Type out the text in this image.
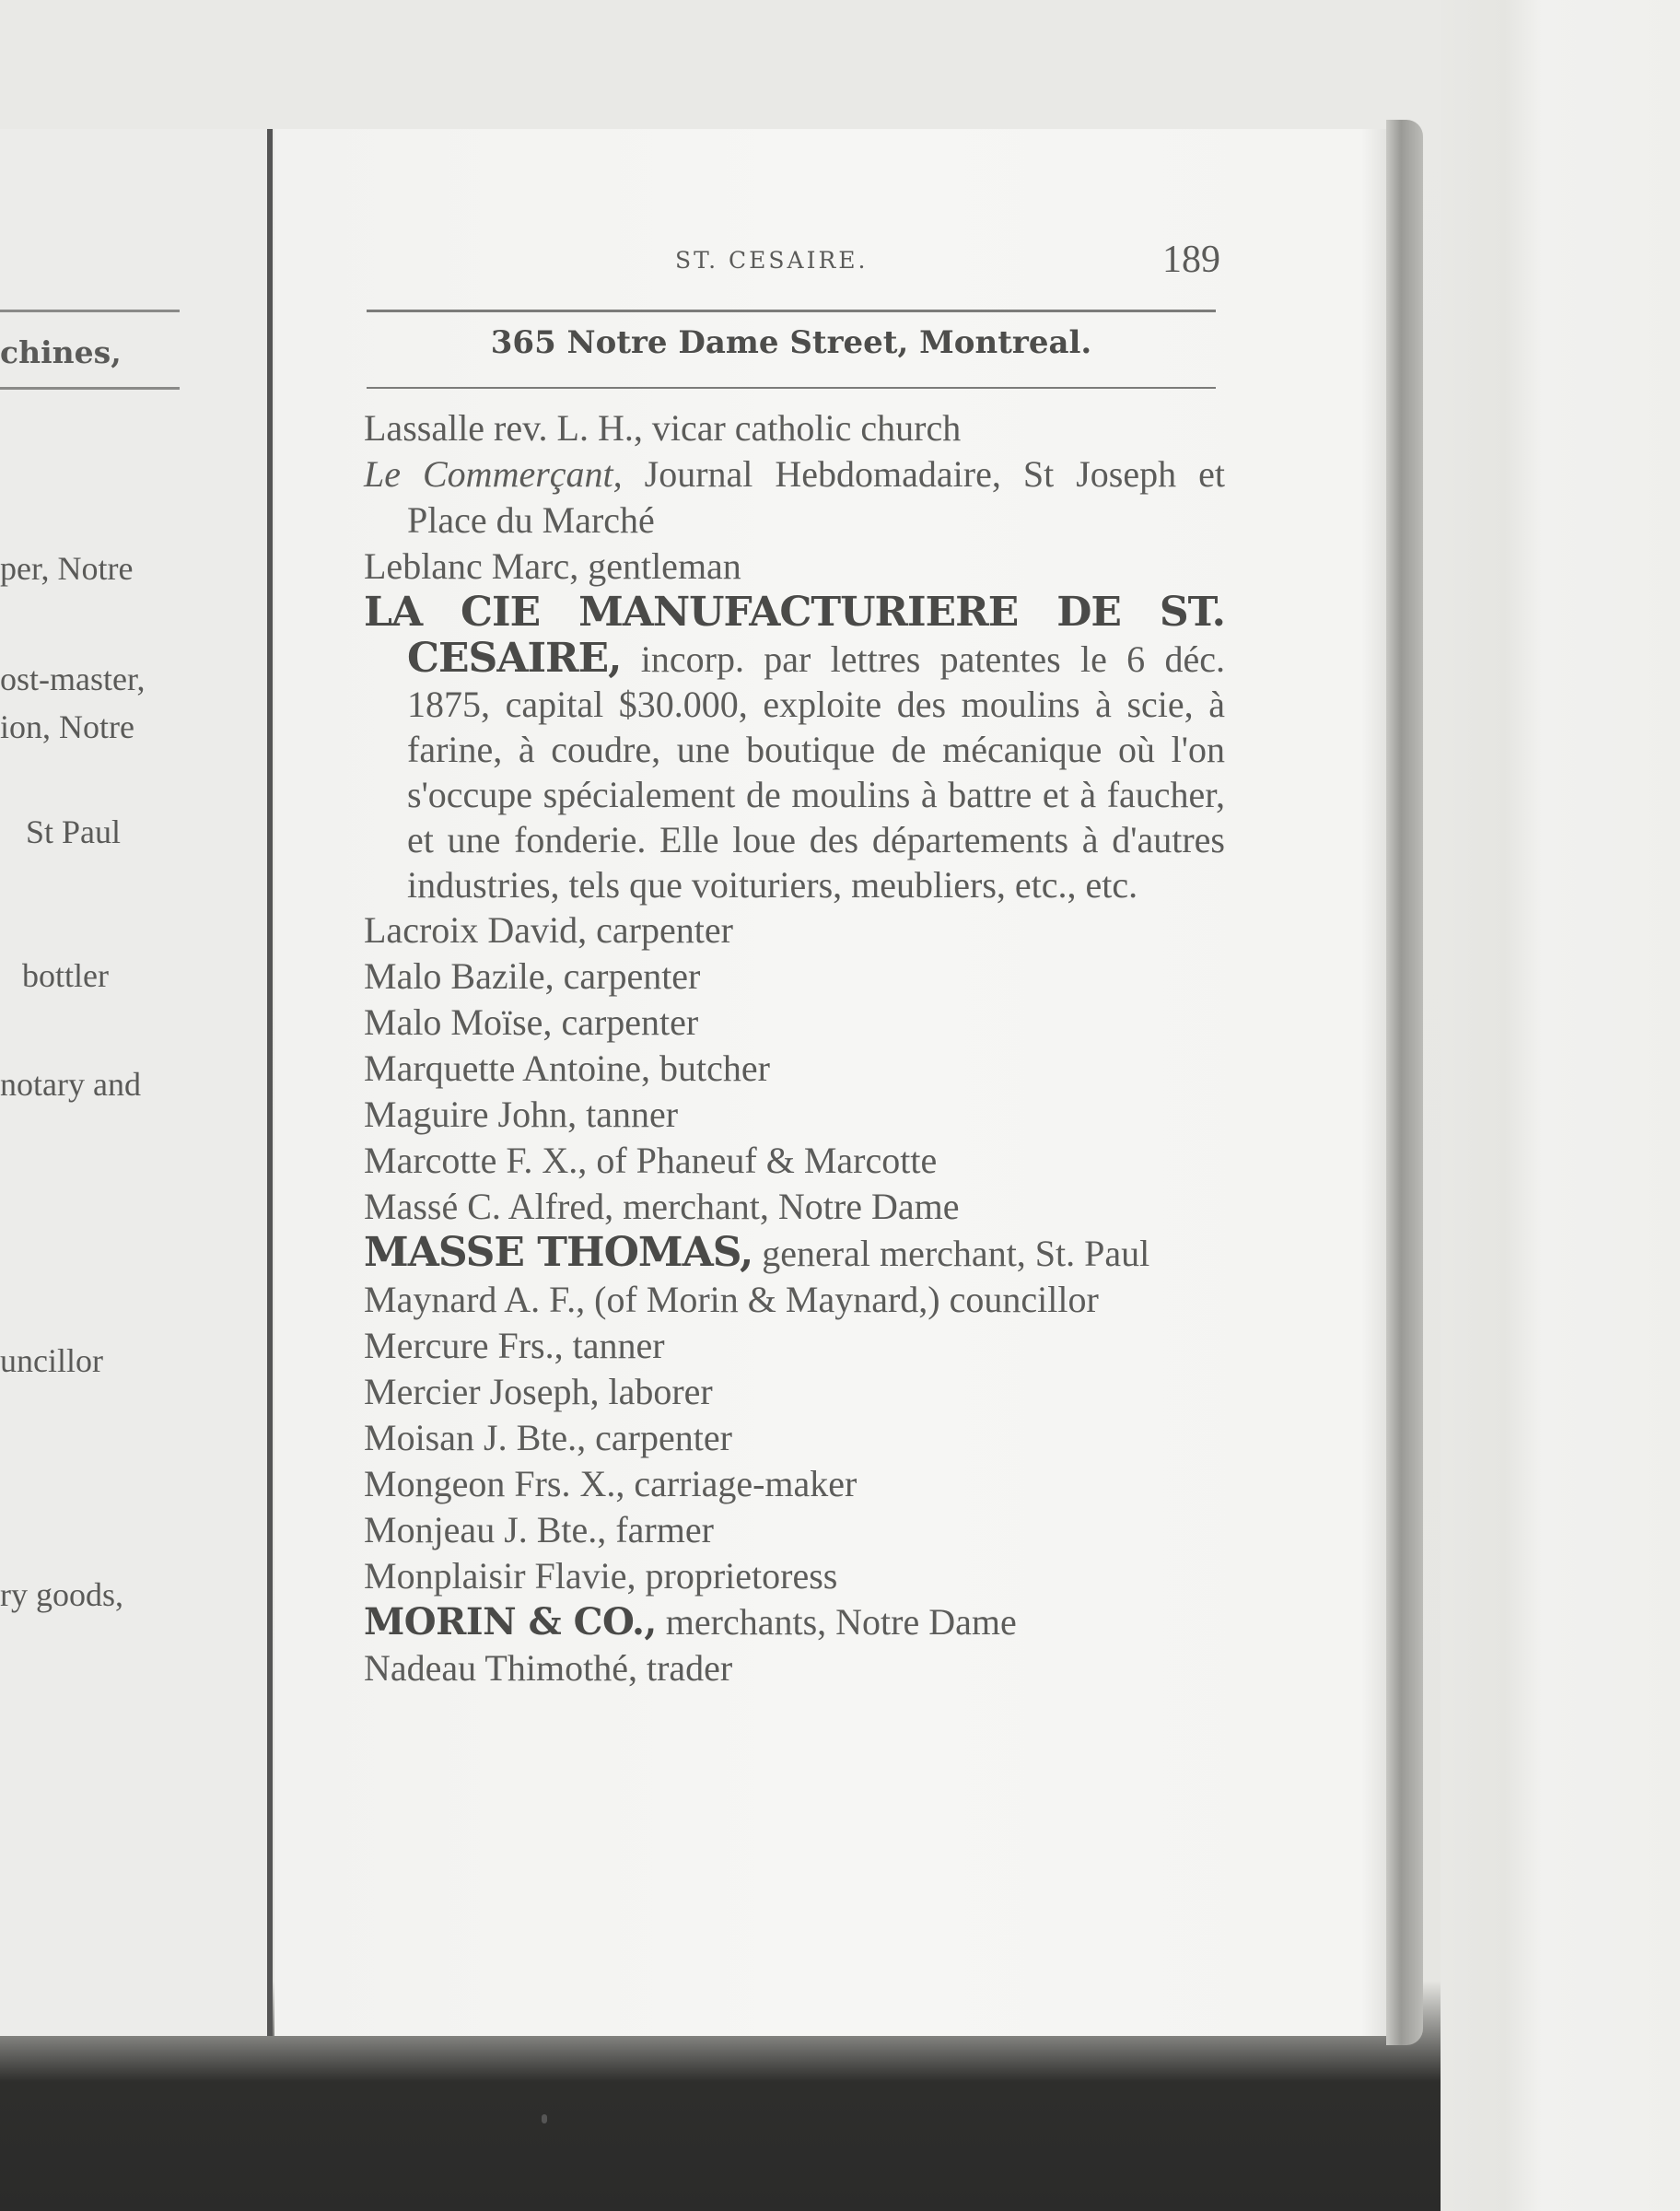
chines,
per, Notre
ost-master,
ion, Notre
St Paul
bottler
notary and
uncillor
ry goods,
ST. CESAIRE.	189
365 Notre Dame Street, Montreal.
Lassalle rev. L. H., vicar catholic church
Le Commerçant, Journal Hebdomadaire, St Joseph et Place du Marché
Leblanc Marc, gentleman
LA CIE MANUFACTURIERE DE ST. CESAIRE, incorp. par lettres patentes le 6 déc. 1875, capital $30.000, exploite des moulins à scie, à farine, à coudre, une boutique de mécanique où l'on s'occupe spécialement de moulins à battre et à faucher, et une fonderie. Elle loue des départements à d'autres industries, tels que voituriers, meubliers, etc., etc.
Lacroix David, carpenter
Malo Bazile, carpenter
Malo Moïse, carpenter
Marquette Antoine, butcher
Maguire John, tanner
Marcotte F. X., of Phaneuf & Marcotte
Massé C. Alfred, merchant, Notre Dame
MASSE THOMAS, general merchant, St. Paul
Maynard A. F., (of Morin & Maynard,) councillor
Mercure Frs., tanner
Mercier Joseph, laborer
Moisan J. Bte., carpenter
Mongeon Frs. X., carriage-maker
Monjeau J. Bte., farmer
Monplaisir Flavie, proprietoress
MORIN & CO., merchants, Notre Dame
Nadeau Thimothé, trader
